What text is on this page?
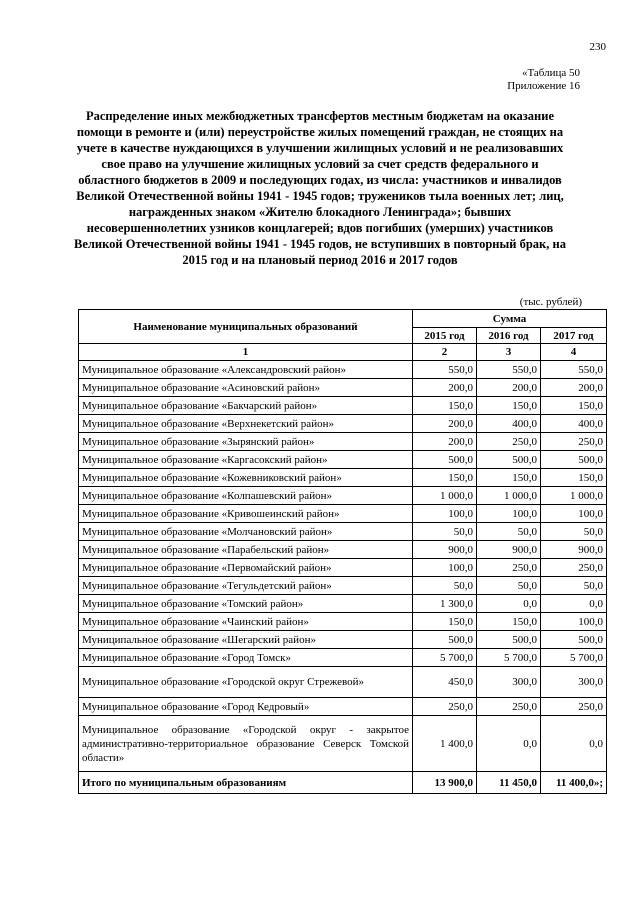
230
«Таблица 50
Приложение 16
Распределение иных межбюджетных трансфертов местным бюджетам на оказание помощи в ремонте и (или) переустройстве жилых помещений граждан, не стоящих на учете в качестве нуждающихся в улучшении жилищных условий и не реализовавших свое право на улучшение жилищных условий за счет средств федерального и областного бюджетов в 2009 и последующих годах, из числа: участников и инвалидов Великой Отечественной войны 1941 - 1945 годов; тружеников тыла военных лет; лиц, награжденных знаком «Жителю блокадного Ленинграда»; бывших несовершеннолетних узников концлагерей; вдов погибших (умерших) участников Великой Отечественной войны 1941 - 1945 годов, не вступивших в повторный брак, на 2015 год и на плановый период 2016 и 2017 годов
(тыс. рублей)
Наименование муниципальных образований	Сумма		
	2015 год	2016 год	2017 год
1	2	3	4
Муниципальное образование «Александровский район»	550,0	550,0	550,0
Муниципальное образование «Асиновский район»	200,0	200,0	200,0
Муниципальное образование «Бакчарский район»	150,0	150,0	150,0
Муниципальное образование «Верхнекетский район»	200,0	400,0	400,0
Муниципальное образование «Зырянский район»	200,0	250,0	250,0
Муниципальное образование «Каргасокский район»	500,0	500,0	500,0
Муниципальное образование «Кожевниковский район»	150,0	150,0	150,0
Муниципальное образование «Колпашевский район»	1 000,0	1 000,0	1 000,0
Муниципальное образование «Кривошеинский район»	100,0	100,0	100,0
Муниципальное образование «Молчановский район»	50,0	50,0	50,0
Муниципальное образование «Парабельский район»	900,0	900,0	900,0
Муниципальное образование «Первомайский район»	100,0	250,0	250,0
Муниципальное образование «Тегульдетский район»	50,0	50,0	50,0
Муниципальное образование «Томский район»	1 300,0	0,0	0,0
Муниципальное образование «Чаинский район»	150,0	150,0	100,0
Муниципальное образование «Шегарский район»	500,0	500,0	500,0
Муниципальное образование «Город Томск»	5 700,0	5 700,0	5 700,0
Муниципальное образование «Городской округ Стрежевой»	450,0	300,0	300,0
Муниципальное образование «Город Кедровый»	250,0	250,0	250,0
Муниципальное образование «Городской округ - закрытое административно-территориальное образование Северск Томской области»	1 400,0	0,0	0,0
Итого по муниципальным образованиям	13 900,0	11 450,0	11 400,0»;
